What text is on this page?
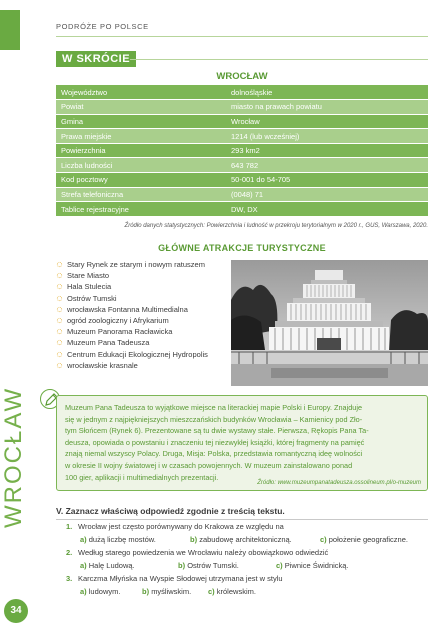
PODRÓŻE PO POLSCE
WROCŁAW
34
W SKRÓCIE
WROCŁAW
Województwo	dolnośląskie
Powiat	miasto na prawach powiatu
Gmina	Wrocław
Prawa miejskie	1214 (lub wcześniej)
Powierzchnia	293 km2
Liczba ludności	643 782
Kod pocztowy	50-001 do 54-705
Strefa telefoniczna	(0048) 71
Tablice rejestracyjne	DW, DX
Źródło danych statystycznych: Powierzchnia i ludność w przekroju terytorialnym w 2020 r., GUS, Warszawa, 2020.
GŁÓWNE ATRAKCJE TURYSTYCZNE
Stary Rynek ze starym i nowym ratuszem
Stare Miasto
Hala Stulecia
Ostrów Tumski
wrocławska Fontanna Multimedialna
ogród zoologiczny i Afrykarium
Muzeum Panorama Racławicka
Muzeum Pana Tadeusza
Centrum Edukacji Ekologicznej Hydropolis
wrocławskie krasnale

Muzeum Pana Tadeusza to wyjątkowe miejsce na literackiej mapie Polski i Europy. Znajduje

się w jednym z najpiękniejszych mieszczańskich budynków Wrocławia – Kamienicy pod Zło-

tym Słońcem (Rynek 6). Prezentowane są tu dwie wystawy stałe. Pierwsza, Rękopis Pana Ta-

deusza, opowiada o powstaniu i znaczeniu tej niezwykłej książki, której fragmenty na pamięć

znają niemal wszyscy Polacy. Druga, Misja: Polska, przedstawia romantyczną ideę wolności

w okresie II wojny światowej i w czasach powojennych. W muzeum zainstalowano ponad

100 gier, aplikacji i multimedialnych prezentacji.

Źródło: www.muzeumpanatadeusza.ossolineum.pl/o-muzeum
V. Zaznacz właściwą odpowiedź zgodnie z treścią tekstu.
1. Wrocław jest często porównywany do Krakowa ze względu na
a) dużą liczbę mostów.	b) zabudowę architektoniczną.	c) położenie geograficzne.
2. Według starego powiedzenia we Wrocławiu należy obowiązkowo odwiedzić
a) Halę Ludową.	b) Ostrów Tumski.	c) Piwnice Świdnicką.
3. Karczma Młyńska na Wyspie Słodowej utrzymana jest w stylu
a) ludowym.	b) myśliwskim. c) królewskim.
